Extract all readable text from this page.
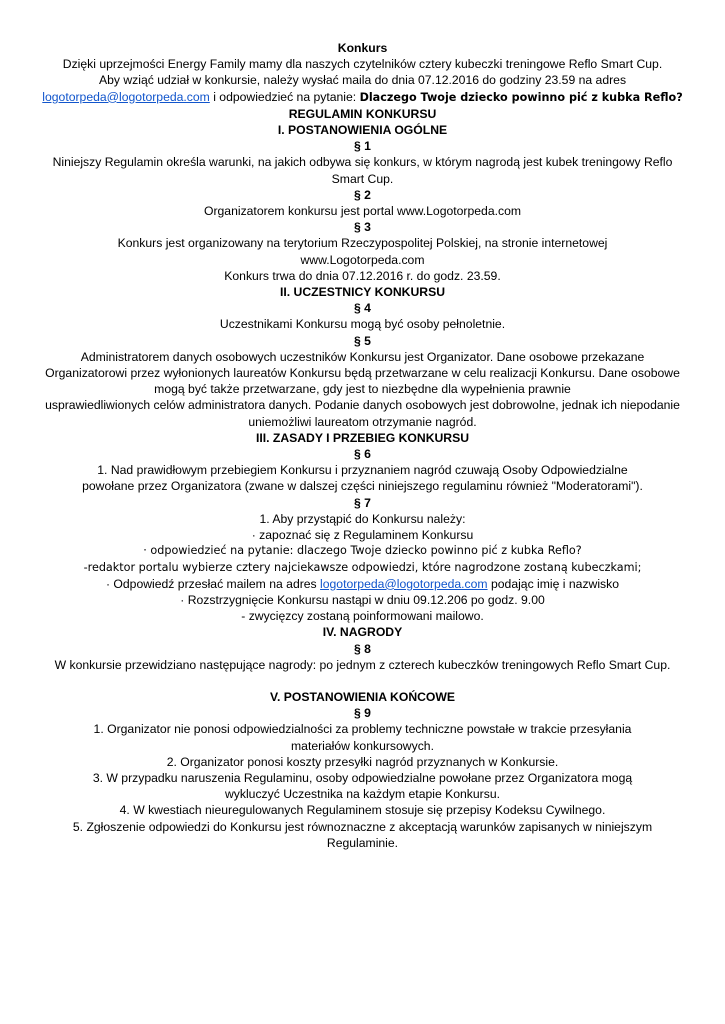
Konkurs
Dzięki uprzejmości Energy Family mamy dla naszych czytelników cztery kubeczki treningowe Reflo Smart Cup.
Aby wziąć udział w konkursie, należy wysłać maila do dnia 07.12.2016 do godziny 23.59 na adres
logotorpeda@logotorpeda.com i odpowiedzieć na pytanie: Dlaczego Twoje dziecko powinno pić z kubka Reflo?
REGULAMIN KONKURSU
I. POSTANOWIENIA OGÓLNE
§ 1
Niniejszy Regulamin określa warunki, na jakich odbywa się konkurs, w którym nagrodą jest kubek treningowy Reflo
Smart Cup.
§ 2
Organizatorem konkursu jest portal www.Logotorpeda.com
§ 3
Konkurs jest organizowany na terytorium Rzeczypospolitej Polskiej, na stronie internetowej
www.Logotorpeda.com
Konkurs trwa do dnia 07.12.2016 r. do godz. 23.59.
II. UCZESTNICY KONKURSU
§ 4
Uczestnikami Konkursu mogą być osoby pełnoletnie.
§ 5
Administratorem danych osobowych uczestników Konkursu jest Organizator. Dane osobowe przekazane
Organizatorowi przez wyłonionych laureatów Konkursu będą przetwarzane w celu realizacji Konkursu. Dane osobowe
mogą być także przetwarzane, gdy jest to niezbędne dla wypełnienia prawnie
usprawiedliwionych celów administratora danych. Podanie danych osobowych jest dobrowolne, jednak ich niepodanie
uniemożliwi laureatom otrzymanie nagród.
III. ZASADY I PRZEBIEG KONKURSU
§ 6
1. Nad prawidłowym przebiegiem Konkursu i przyznaniem nagród czuwają Osoby Odpowiedzialne
powołane przez Organizatora (zwane w dalszej części niniejszego regulaminu również "Moderatorami").
§ 7
1. Aby przystąpić do Konkursu należy:
· zapoznać się z Regulaminem Konkursu
· odpowiedzieć na pytanie: dlaczego Twoje dziecko powinno pić z kubka Reflo?
-redaktor portalu wybierze cztery najciekawsze odpowiedzi, które nagrodzone zostaną kubeczkami;
· Odpowiedź przesłać mailem na adres logotorpeda@logotorpeda.com podając imię i nazwisko
· Rozstrzygnięcie Konkursu nastąpi w dniu 09.12.206 po godz. 9.00
- zwycięzcy zostaną poinformowani mailowo.
IV. NAGRODY
§ 8
W konkursie przewidziano następujące nagrody: po jednym z czterech kubeczków treningowych Reflo Smart Cup.
V. POSTANOWIENIA KOŃCOWE
§ 9
1. Organizator nie ponosi odpowiedzialności za problemy techniczne powstałe w trakcie przesyłania
materiałów konkursowych.
2. Organizator ponosi koszty przesyłki nagród przyznanych w Konkursie.
3. W przypadku naruszenia Regulaminu, osoby odpowiedzialne powołane przez Organizatora mogą
wykluczyć Uczestnika na każdym etapie Konkursu.
4. W kwestiach nieuregulowanych Regulaminem stosuje się przepisy Kodeksu Cywilnego.
5. Zgłoszenie odpowiedzi do Konkursu jest równoznaczne z akceptacją warunków zapisanych w niniejszym
Regulaminie.
